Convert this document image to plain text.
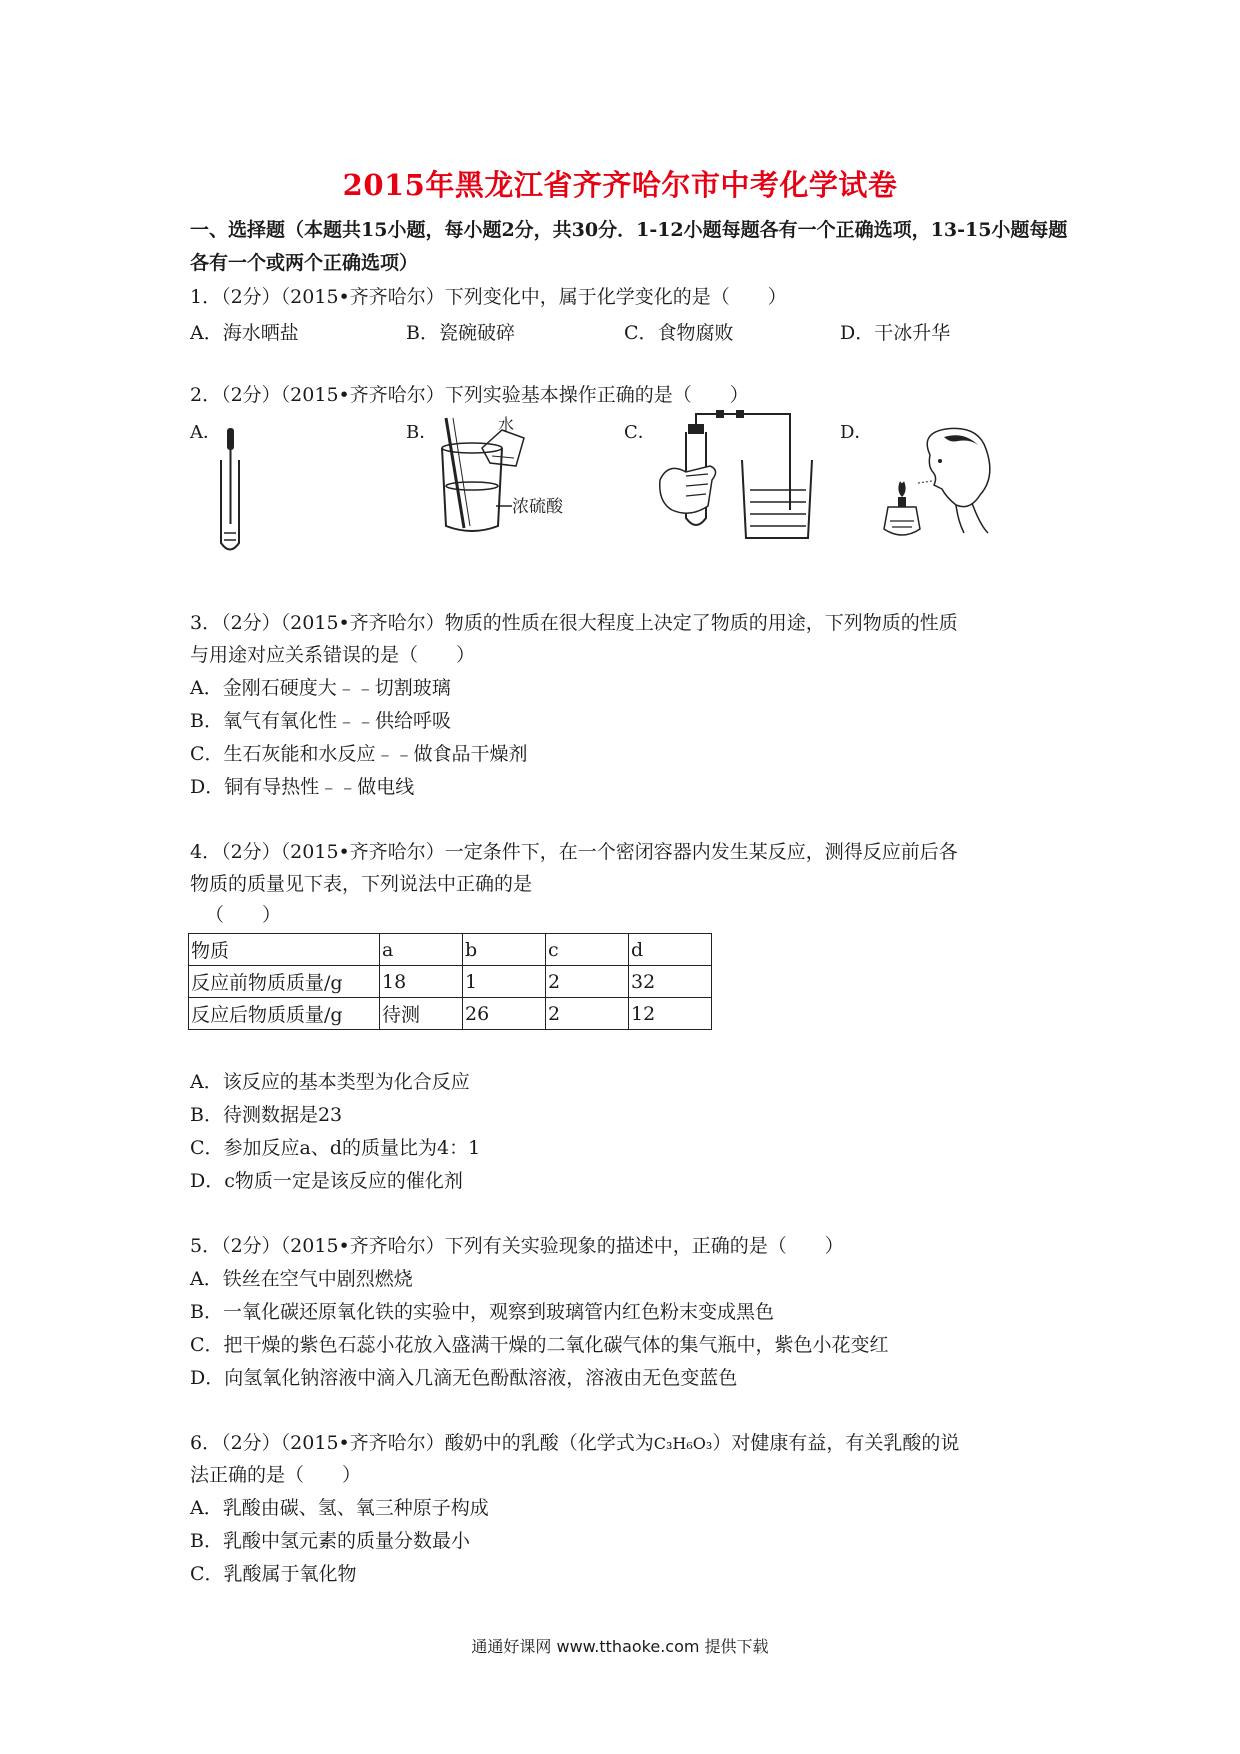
2015年黑龙江省齐齐哈尔市中考化学试卷
一、选择题（本题共15小题，每小题2分，共30分．1-12小题每题各有一个正确选项，13-15小题每题各有一个或两个正确选项）
1．（2分）（2015•齐齐哈尔）下列变化中，属于化学变化的是（　　）
A．海水晒盐	B．瓷碗破碎	C．食物腐败	D．干冰升华
2．（2分）（2015•齐齐哈尔）下列实验基本操作正确的是（　　）
A．	B．	C．	D．
水
浓硫酸
3．（2分）（2015•齐齐哈尔）物质的性质在很大程度上决定了物质的用途，下列物质的性质
与用途对应关系错误的是（　　）
A．金刚石硬度大﹣﹣切割玻璃
B．氧气有氧化性﹣﹣供给呼吸
C．生石灰能和水反应﹣﹣做食品干燥剂
D．铜有导热性﹣﹣做电线
4．（2分）（2015•齐齐哈尔）一定条件下，在一个密闭容器内发生某反应，测得反应前后各
物质的质量见下表，下列说法中正确的是
（　　）
物质	a	b	c	d
反应前物质质量/g	18	1	2	32
反应后物质质量/g	待测	26	2	12
A．该反应的基本类型为化合反应
B．待测数据是23
C．参加反应a、d的质量比为4：1
D．c物质一定是该反应的催化剂
5．（2分）（2015•齐齐哈尔）下列有关实验现象的描述中，正确的是（　　）
A．铁丝在空气中剧烈燃烧
B．一氧化碳还原氧化铁的实验中，观察到玻璃管内红色粉末变成黑色
C．把干燥的紫色石蕊小花放入盛满干燥的二氧化碳气体的集气瓶中，紫色小花变红
D．向氢氧化钠溶液中滴入几滴无色酚酞溶液，溶液由无色变蓝色
6．（2分）（2015•齐齐哈尔）酸奶中的乳酸（化学式为C₃H₆O₃）对健康有益，有关乳酸的说
法正确的是（　　）
A．乳酸由碳、氢、氧三种原子构成
B．乳酸中氢元素的质量分数最小
C．乳酸属于氧化物
通通好课网 www.tthaoke.com 提供下载
